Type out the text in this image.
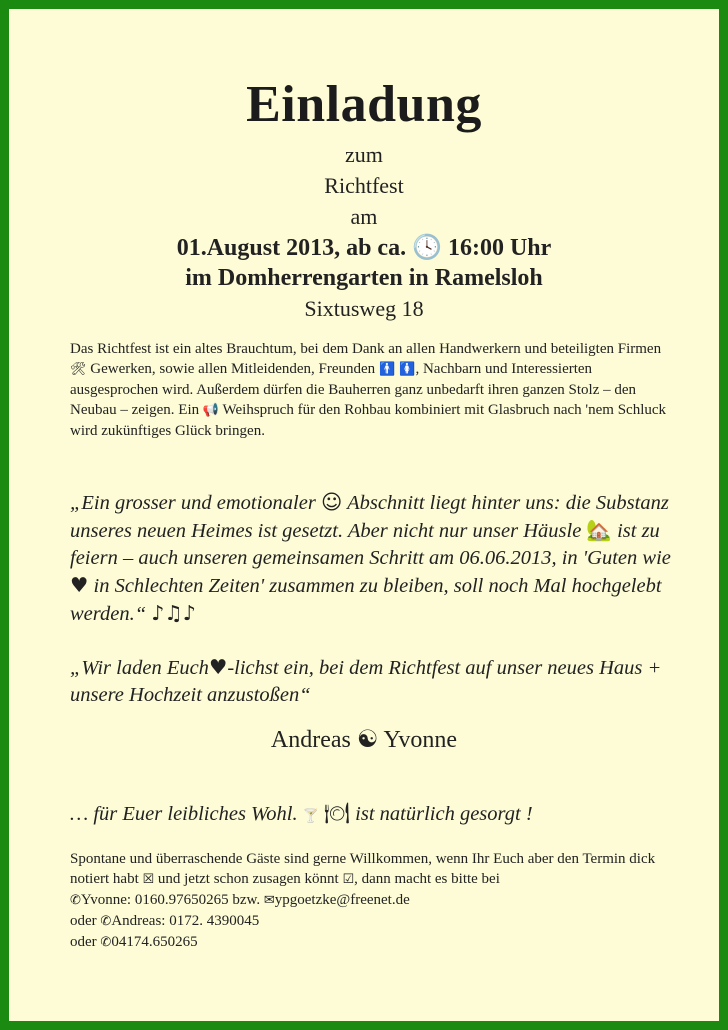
Einladung
zum
Richtfest
am
01.August 2013, ab ca. 🕓 16:00 Uhr
im Domherrengarten in Ramelsloh
Sixtusweg 18
Das Richtfest ist ein altes Brauchtum, bei dem Dank an allen Handwerkern und beteiligten Firmen 🛠 Gewerken, sowie allen Mitleidenden, Freunden 🚹 🚺, Nachbarn und Interessierten ausgesprochen wird. Außerdem dürfen die Bauherren ganz unbedarft ihren ganzen Stolz – den Neubau – zeigen. Ein 📢 Weihspruch für den Rohbau kombiniert mit Glasbruch nach 'nem Schluck wird zukünftiges Glück bringen.
„Ein grosser und emotionaler ☺ Abschnitt liegt hinter uns: die Substanz unseres neuen Heimes ist gesetzt. Aber nicht nur unser Häusle 🏡 ist zu feiern – auch unseren gemeinsamen Schritt am 06.06.2013, in 'Guten wie ♥ in Schlechten Zeiten' zusammen zu bleiben, soll noch Mal hochgelebt werden.“ ♪♫♪
„Wir laden Euch♥-lichst ein, bei dem Richtfest auf unser neues Haus + unsere Hochzeit anzustoßen“
Andreas ☯ Yvonne
… für Euer leibliches Wohl. 🍸 🍽 ist natürlich gesorgt !
Spontane und überraschende Gäste sind gerne Willkommen, wenn Ihr Euch aber den Termin dick notiert habt ☒ und jetzt schon zusagen könnt ☑, dann macht es bitte bei
✆Yvonne: 0160.97650265 bzw. ✉ypgoetzke@freenet.de
oder ✆Andreas: 0172. 4390045
oder ✆04174.650265
